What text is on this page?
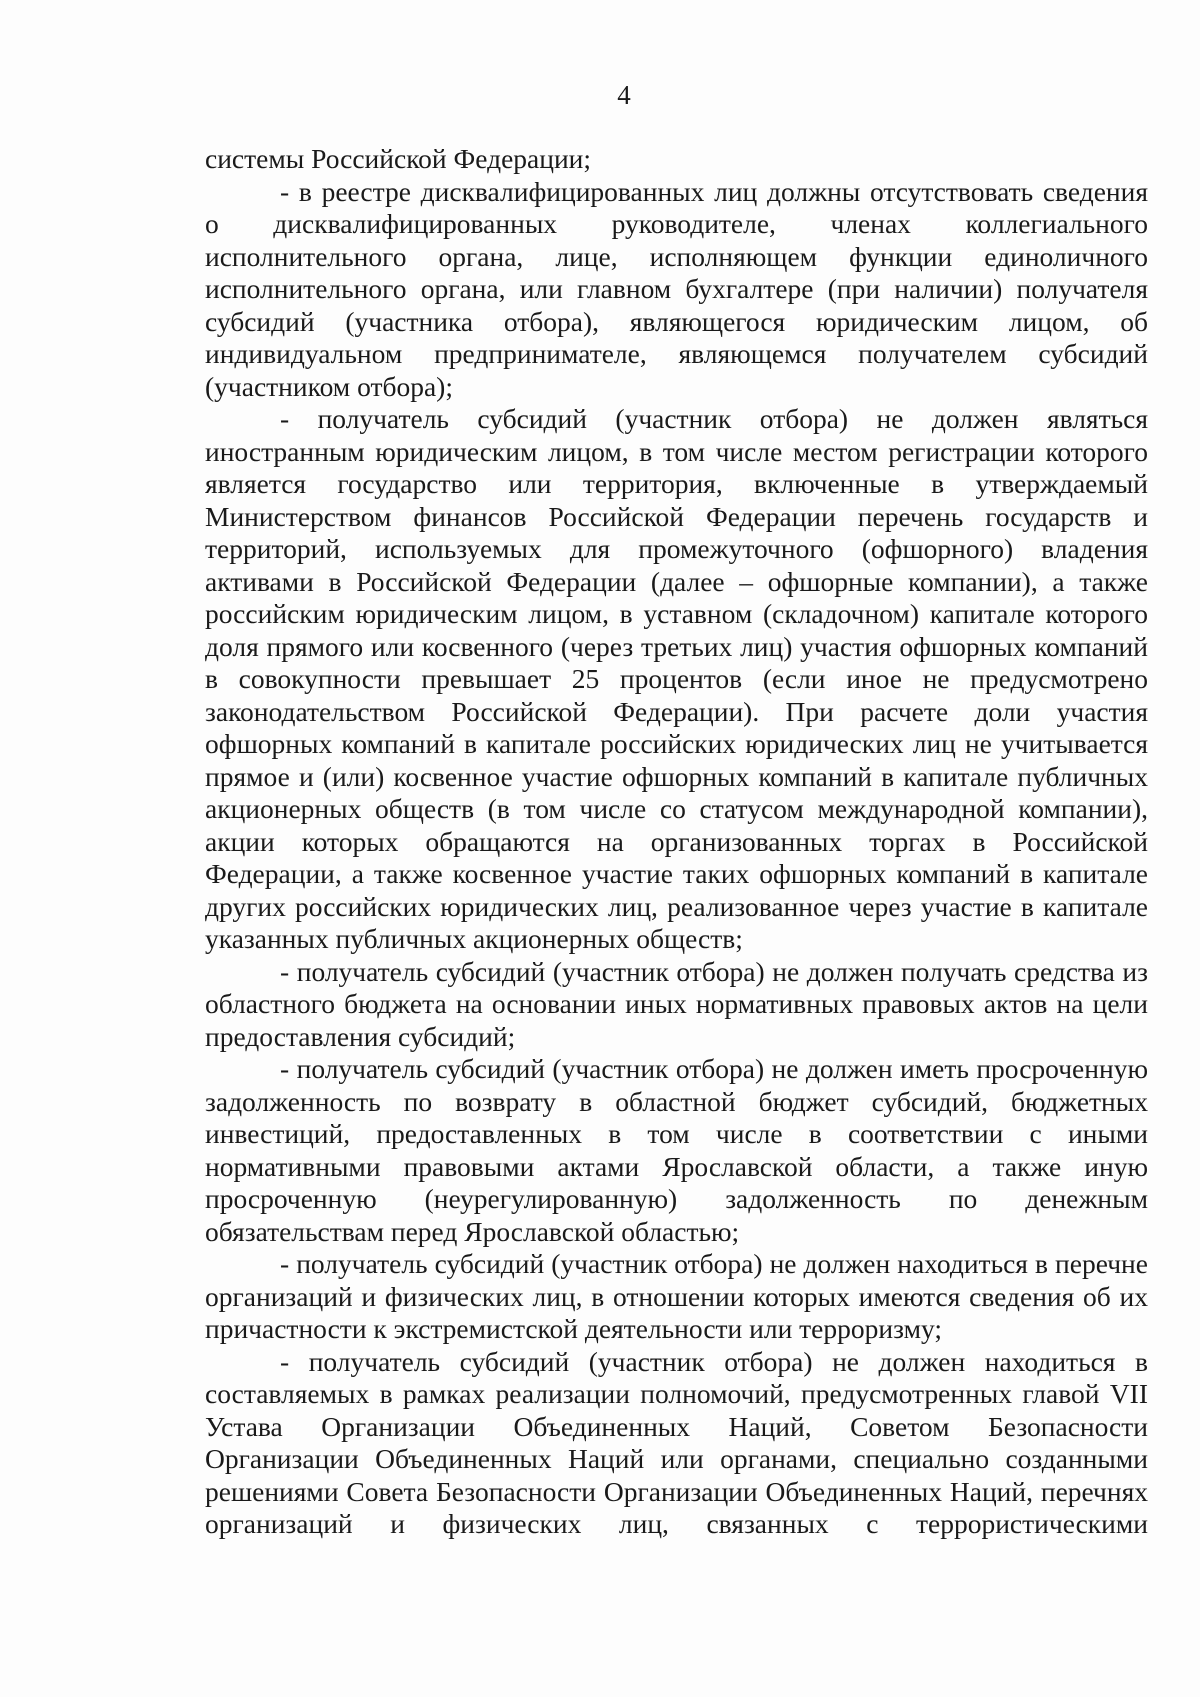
4

системы Российской Федерации;

- в реестре дисквалифицированных лиц должны отсутствовать сведения о дисквалифицированных руководителе, членах коллегиального исполнительного органа, лице, исполняющем функции единоличного исполнительного органа, или главном бухгалтере (при наличии) получателя субсидий (участника отбора), являющегося юридическим лицом, об индивидуальном предпринимателе, являющемся получателем субсидий (участником отбора);

- получатель субсидий (участник отбора) не должен являться иностранным юридическим лицом, в том числе местом регистрации которого является государство или территория, включенные в утверждаемый Министерством финансов Российской Федерации перечень государств и территорий, используемых для промежуточного (офшорного) владения активами в Российской Федерации (далее – офшорные компании), а также российским юридическим лицом, в уставном (складочном) капитале которого доля прямого или косвенного (через третьих лиц) участия офшорных компаний в совокупности превышает 25 процентов (если иное не предусмотрено законодательством Российской Федерации). При расчете доли участия офшорных компаний в капитале российских юридических лиц не учитывается прямое и (или) косвенное участие офшорных компаний в капитале публичных акционерных обществ (в том числе со статусом международной компании), акции которых обращаются на организованных торгах в Российской Федерации, а также косвенное участие таких офшорных компаний в капитале других российских юридических лиц, реализованное через участие в капитале указанных публичных акционерных обществ;

- получатель субсидий (участник отбора) не должен получать средства из областного бюджета на основании иных нормативных правовых актов на цели предоставления субсидий;

- получатель субсидий (участник отбора) не должен иметь просроченную задолженность по возврату в областной бюджет субсидий, бюджетных инвестиций, предоставленных в том числе в соответствии с иными нормативными правовыми актами Ярославской области, а также иную просроченную (неурегулированную) задолженность по денежным обязательствам перед Ярославской областью;

- получатель субсидий (участник отбора) не должен находиться в перечне организаций и физических лиц, в отношении которых имеются сведения об их причастности к экстремистской деятельности или терроризму;

- получатель субсидий (участник отбора) не должен находиться в составляемых в рамках реализации полномочий, предусмотренных главой VII Устава Организации Объединенных Наций, Советом Безопасности Организации Объединенных Наций или органами, специально созданными решениями Совета Безопасности Организации Объединенных Наций, перечнях организаций и физических лиц, связанных с террористическими
